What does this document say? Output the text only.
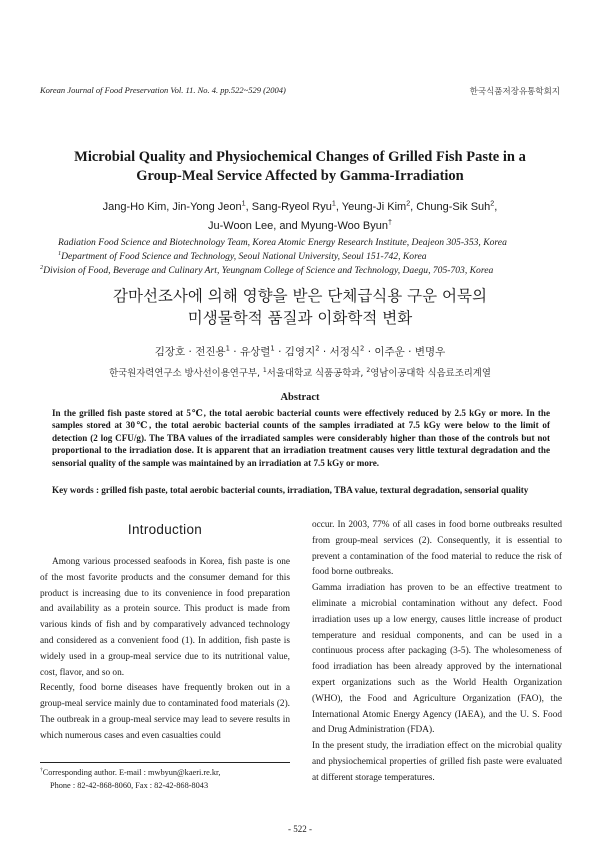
Korean Journal of Food Preservation Vol. 11. No. 4. pp.522~529 (2004)	한국식품저장유통학회지
Microbial Quality and Physiochemical Changes of Grilled Fish Paste in a
Group-Meal Service Affected by Gamma-Irradiation
Jang-Ho Kim, Jin-Yong Jeon$^1$, Sang-Ryeol Ryu$^1$, Yeung-Ji Kim$^2$, Chung-Sik Suh$^2$,
Ju-Woon Lee, and Myung-Woo Byun†
Radiation Food Science and Biotechnology Team, Korea Atomic Energy Research Institute, Deajeon 305-353, Korea
$^1$Department of Food Science and Technology, Seoul National University, Seoul 151-742, Korea
$^2$Division of Food, Beverage and Culinary Art, Yeungnam College of Science and Technology, Daegu, 705-703, Korea
감마선조사에 의해 영향을 받은 단체급식용 구운 어묵의
미생물학적 품질과 이화학적 변화
김장호 · 전진용$^1$ · 유상렬$^1$ · 김영지$^2$ · 서정식$^2$ · 이주운 · 변명우
한국원자력연구소 방사선이용연구부, $^1$서울대학교 식품공학과, $^2$영남이공대학 식음료조리계열
Abstract
In the grilled fish paste stored at 5℃, the total aerobic bacterial counts were effectively reduced by 2.5 kGy or more. In the samples stored at 30℃, the total aerobic bacterial counts of the samples irradiated at 7.5 kGy were below to the limit of detection (2 log CFU/g). The TBA values of the irradiated samples were considerably higher than those of the controls but not proportional to the irradiation dose. It is apparent that an irradiation treatment causes very little textural degradation and the sensorial quality of the sample was maintained by an irradiation at 7.5 kGy or more.
Key words : grilled fish paste, total aerobic bacterial counts, irradiation, TBA value, textural degradation, sensorial quality
Introduction

Among various processed seafoods in Korea, fish paste is one of the most favorite products and the consumer demand for this product is increasing due to its convenience in food preparation and availability as a protein source. This product is made from various kinds of fish and by comparatively advanced technology and considered as a convenient food (1). In addition, fish paste is widely used in a group-meal service due to its nutritional value, cost, flavor, and so on.

Recently, food borne diseases have frequently broken out in a group-meal service mainly due to contaminated food materials (2). The outbreak in a group-meal service may lead to severe results in which numerous cases and even casualties could

occur. In 2003, 77% of all cases in food borne outbreaks resulted from group-meal services (2). Consequently, it is essential to prevent a contamination of the food material to reduce the risk of food borne outbreaks.

Gamma irradiation has proven to be an effective treatment to eliminate a microbial contamination without any defect. Food irradiation uses up a low energy, causes little increase of product temperature and residual components, and can be used in a continuous process after packaging (3-5). The wholesomeness of food irradiation has been already approved by the international expert organizations such as the World Health Organization (WHO), the Food and Agriculture Organization (FAO), the International Atomic Energy Agency (IAEA), and the U. S. Food and Drug Administration (FDA).

In the present study, the irradiation effect on the microbial quality and physiochemical properties of grilled fish paste were evaluated at different storage temperatures.

†Corresponding author. E-mail : mwbyun@kaeri.re.kr,
Phone : 82-42-868-8060, Fax : 82-42-868-8043
- 522 -
